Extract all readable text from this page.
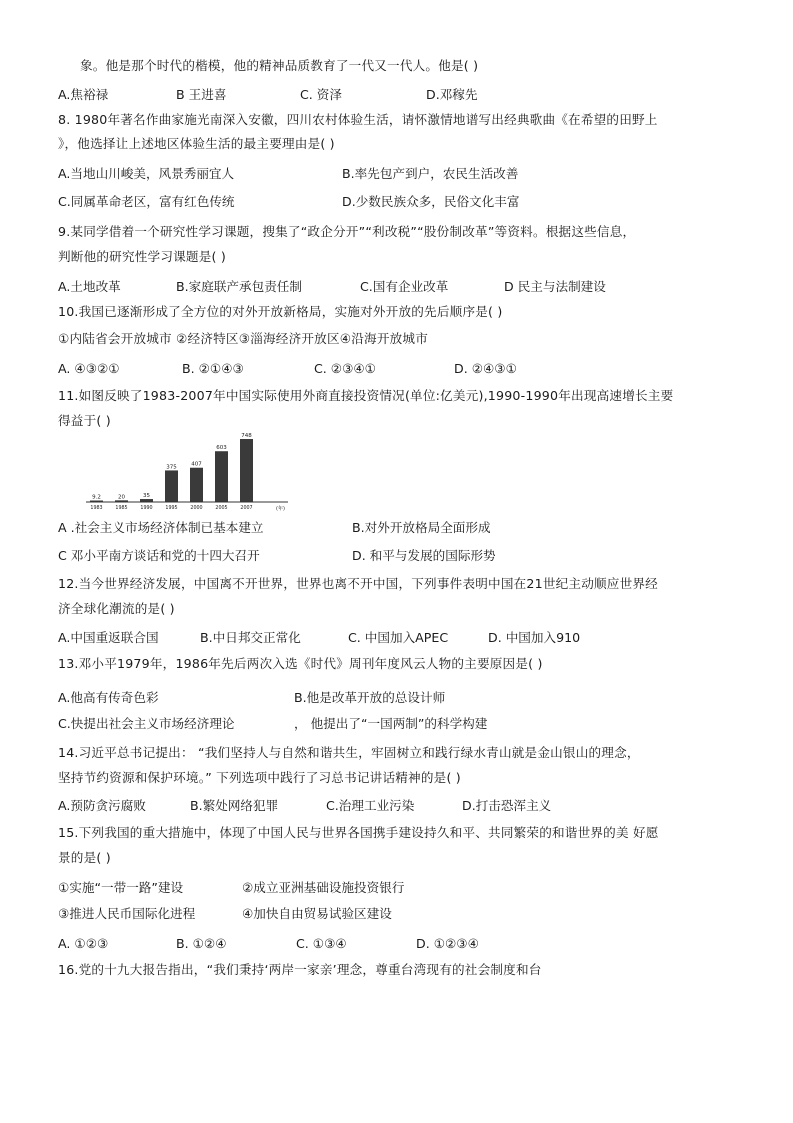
象。他是那个时代的楷模，他的精神品质教育了一代又一代人。他是( )
A.焦裕禄	B 王进喜	C. 资泽	D.邓稼先
8. 1980年著名作曲家施光南深入安徽，四川农村体验生活，请怀激情地谱写出经典歌曲《在希望的田野上
》，他选择让上述地区体验生活的最主要理由是( )
A.当地山川峻美，风景秀丽宜人	B.率先包产到户，农民生活改善
C.同属革命老区，富有红色传统	D.少数民族众多，民俗文化丰富
9.某同学借着一个研究性学习课题，搜集了“政企分开”“利改税”“股份制改革”等资料。根据这些信息，
判断他的研究性学习课题是( )
A.土地改革	B.家庭联产承包责任制	C.国有企业改革	D 民主与法制建设
10.我国已逐渐形成了全方位的对外开放新格局，实施对外开放的先后顺序是( )
①内陆省会开放城市 ②经济特区③淄海经济开放区④沿海开放城市
A. ④③②①	B. ②①④③	C. ②③④①	D. ②④③①
11.如图反映了1983-2007年中国实际使用外商直接投资情况(单位:亿美元),1990-1990年出现高速增长主要
得益于( )
9.2	20	35
375	407
603
748
1983	1985	1990	1995	2000	2005	2007	(年)
A .社会主义市场经济体制已基本建立	B.对外开放格局全面形成
C 邓小平南方谈话和党的十四大召开	D. 和平与发展的国际形势
12.当今世界经济发展，中国离不开世界，世界也离不开中国，下列事件表明中国在21世纪主动顺应世界经
济全球化潮流的是( )
A.中国重返联合国	B.中日邦交正常化	C. 中国加入APEC	D. 中国加入910
13.邓小平1979年，1986年先后两次入选《时代》周刊年度风云人物的主要原因是( )
A.他高有传奇色彩	B.他是改革开放的总设计师
C.快提出社会主义市场经济理论	， 他提出了“一国两制”的科学构建
14.习近平总书记提出： “我们坚持人与自然和谐共生，牢固树立和践行绿水青山就是金山银山的理念，
坚持节约资源和保护环境。” 下列选项中践行了习总书记讲话精神的是( )
A.预防贪污腐败	B.繁处网络犯罪	C.治理工业污染	D.打击恐浑主义
15.下列我国的重大措施中，体现了中国人民与世界各国携手建设持久和平、共同繁荣的和谐世界的美 好愿
景的是( )
①实施“一带一路”建设	②成立亚洲基础设施投资银行
③推进人民币国际化进程	④加快自由贸易试验区建设
A. ①②③	B. ①②④	C. ①③④	D. ①②③④
16.党的十九大报告指出，“我们秉持‘两岸一家亲’理念，尊重台湾现有的社会制度和台
